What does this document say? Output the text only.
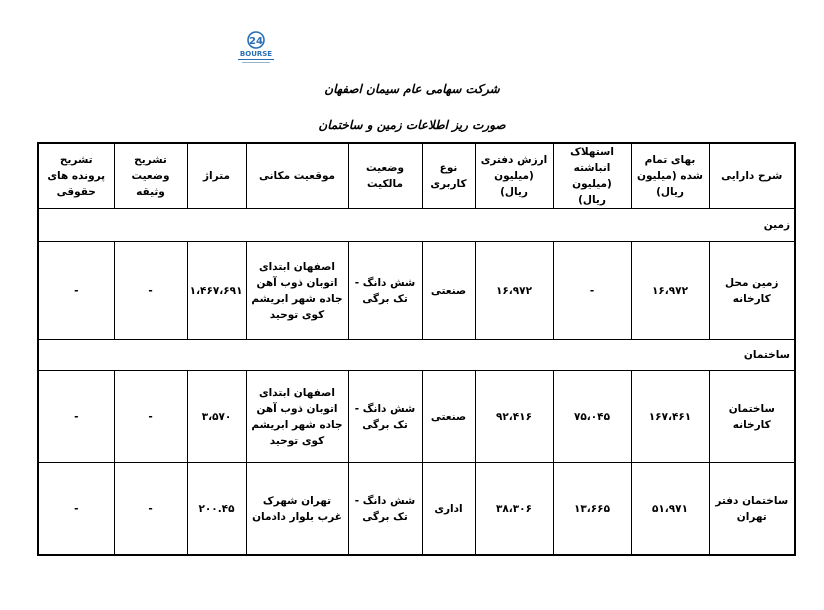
24
BOURSE
شرکت سهامی عام سیمان اصفهان
صورت ریز اطلاعات زمین و ساختمان
شرح دارایی	بهای تمام شده (میلیون ریال)	استهلاک انباشته (میلیون ریال)	ارزش دفتری (میلیون ریال)	نوع کاربری	وضعیت مالکیت	موقعیت مکانی	متراژ	تشریح وضعیت وثیقه	تشریح پرونده های حقوقی
زمین									
زمین محل کارخانه	۱۶،۹۷۲	-	۱۶،۹۷۲	صنعتی	شش دانگ - تک برگی	اصفهان ابتدای اتوبان ذوب آهن جاده شهر ابریشم کوی توحید	۱،۴۶۷،۶۹۱	-	-
ساختمان									
ساختمان کارخانه	۱۶۷،۴۶۱	۷۵،۰۴۵	۹۲،۴۱۶	صنعتی	شش دانگ - تک برگی	اصفهان ابتدای اتوبان ذوب آهن جاده شهر ابریشم کوی توحید	۳،۵۷۰	-	-
ساختمان دفتر تهران	۵۱،۹۷۱	۱۳،۶۶۵	۳۸،۳۰۶	اداری	شش دانگ - تک برگی	تهران شهرک غرب بلوار دادمان	۲۰۰.۴۵	-	-
